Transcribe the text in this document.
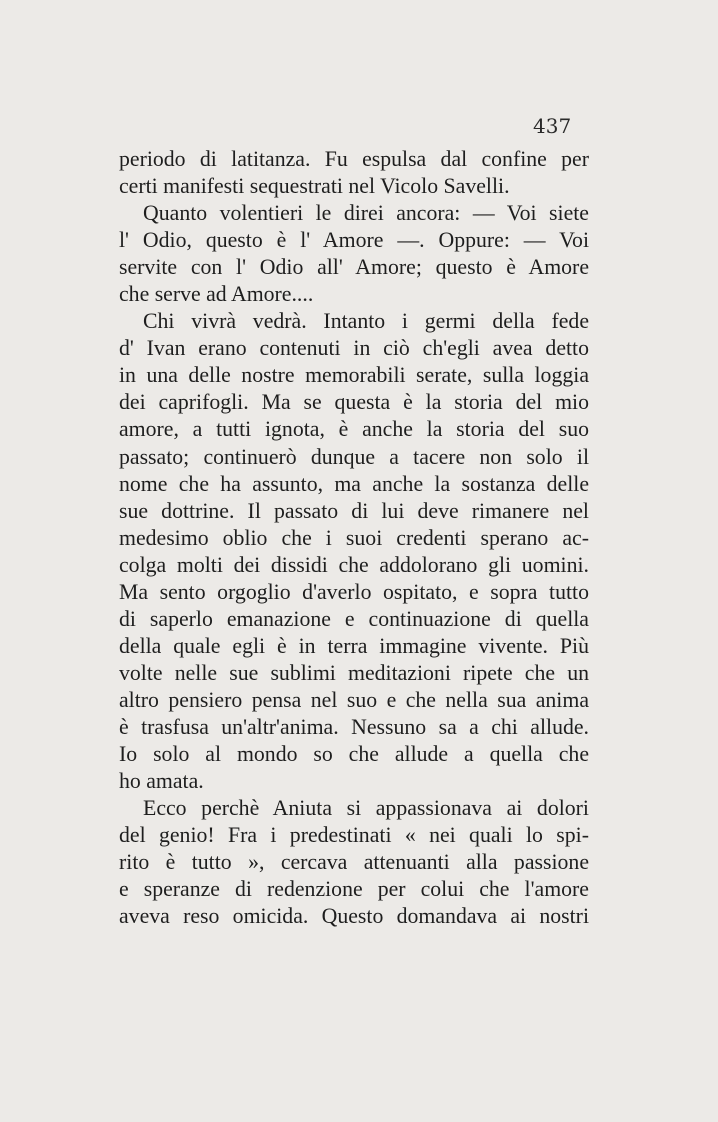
437
periodo di latitanza. Fu espulsa dal confine per
certi manifesti sequestrati nel Vicolo Savelli.
Quanto volentieri le direi ancora: — Voi siete
l' Odio, questo è l' Amore —. Oppure: — Voi
servite con l' Odio all' Amore; questo è Amore
che serve ad Amore....
Chi vivrà vedrà. Intanto i germi della fede
d' Ivan erano contenuti in ciò ch'egli avea detto
in una delle nostre memorabili serate, sulla loggia
dei caprifogli. Ma se questa è la storia del mio
amore, a tutti ignota, è anche la storia del suo
passato; continuerò dunque a tacere non solo il
nome che ha assunto, ma anche la sostanza delle
sue dottrine. Il passato di lui deve rimanere nel
medesimo oblio che i suoi credenti sperano ac-
colga molti dei dissidi che addolorano gli uomini.
Ma sento orgoglio d'averlo ospitato, e sopra tutto
di saperlo emanazione e continuazione di quella
della quale egli è in terra immagine vivente. Più
volte nelle sue sublimi meditazioni ripete che un
altro pensiero pensa nel suo e che nella sua anima
è trasfusa un'altr'anima. Nessuno sa a chi allude.
Io solo al mondo so che allude a quella che
ho amata.
Ecco perchè Aniuta si appassionava ai dolori
del genio! Fra i predestinati « nei quali lo spi-
rito è tutto », cercava attenuanti alla passione
e speranze di redenzione per colui che l'amore
aveva reso omicida. Questo domandava ai nostri
